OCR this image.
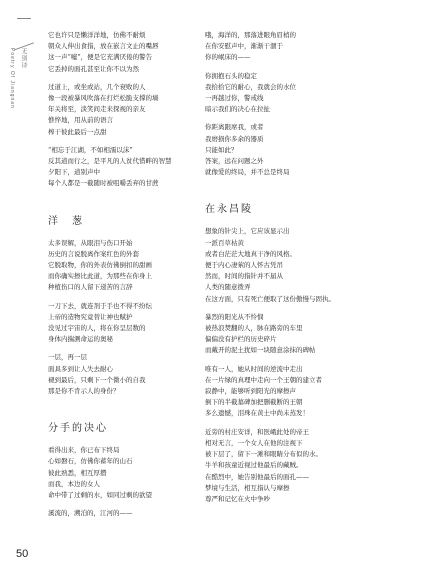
无别诗
Poetry Of Jiangnan
它也许只是懒洋洋地，仿佛不耐烦
朝众人伸出食指，放在嵌言文止的嘴唇
这一声“嘘”，便是它充满厌倦的警告
它丢掉的面孔甚至让你不以为然
过道上，或坐或站，几个衰败的人
像一段被暴风吹落在打烂松脆支撑的墙
年关将至，淡笑间走来探视的亲友
憔悴地，用从前的语言
榨干彼此最后一点甜
“相忘于江湖，不如相濡以沫”
反其道而行之，是平凡的人贫代惜畔的智慧
夕阳下，道别声中
每个人都是一截随时被咀嚼丢弃的甘蔗
洋　葱
太多误解，从眼泪与伤口开始
历史的言说脱离作案红色的外套
它脱取物，你的外表仿佛倒扣的甜画
而你确实擦比此道，为那些在你身上
种植伤口的人留下递苦的言辞
一刀下去，就连剂于手也不得不纷纭
上帝的造物究竟替让神也赋护
没见过宇宙的人，将在你呈层数的
身体内揣测命运的奥秘
一层，再一层
面具多到让人失去耐心
褪到最后，只剩下一个微小的自我
那是你不肯示人的身份？
分手的决心
看得出来，你已布下终局
心如磐石，仿佛你蓄年的山石
彼此熟悉，相互厚攒
而我，本边的女人
命中带了过剩的水，如同过剩的欲望
溪流的，溯泊的，江河的——
哦，海洋的，那落进眼角眉梢的
在你安慰声中，渐渐干涸于
你的岷床的——
你拥抱石头的稳定
我拾拾它的耐心，我就会的水位
一再越过你，警戒线
暗示我们的决心在拉扯
你距离跟席我，或者
我磨损你多余的器质
只能如此？
答案，远在问题之外
就像爱的终局，并不总是终局
在永昌陵
想象的针尖上，它应该显示出
一派百草枯黄
或者白茫茫大地真干净的风格。
便于内心凄萦的人怀古凭吊
然而，时间的指针并不届从
人类的随意拨弄
在这方面，只有死亡便取了这份傲慢与固执。
暴烈的阳光从不怜悯
被热浪焚翻的人，脉在路旁的车里
偏偏没有护栏的历史碎片
而戴开的泥土扰如一块随意涂抹的碑帖
唯有一人，她从时间的逆流中走出
在一片绿的真理中走向一个王朝的建立者
寂静中，能够听到阳光的摩擦声
倒下的半截墓碑加把删截断的王朝
多么遗憾，泪珠在黄土中尚未蒸发！
近旁的村庄安详，和医峨此处的帝王
相对无言，一个女人在他的注视下
被下层了，留下一滩和眼睛分布似的水。
牛羊和孩童近视过他最后的藏贼。
在酷烈中，她告别他最后的面孔——
梦境与生活，相互指认与摩擦
尊严和记忆在火中争吵
50
